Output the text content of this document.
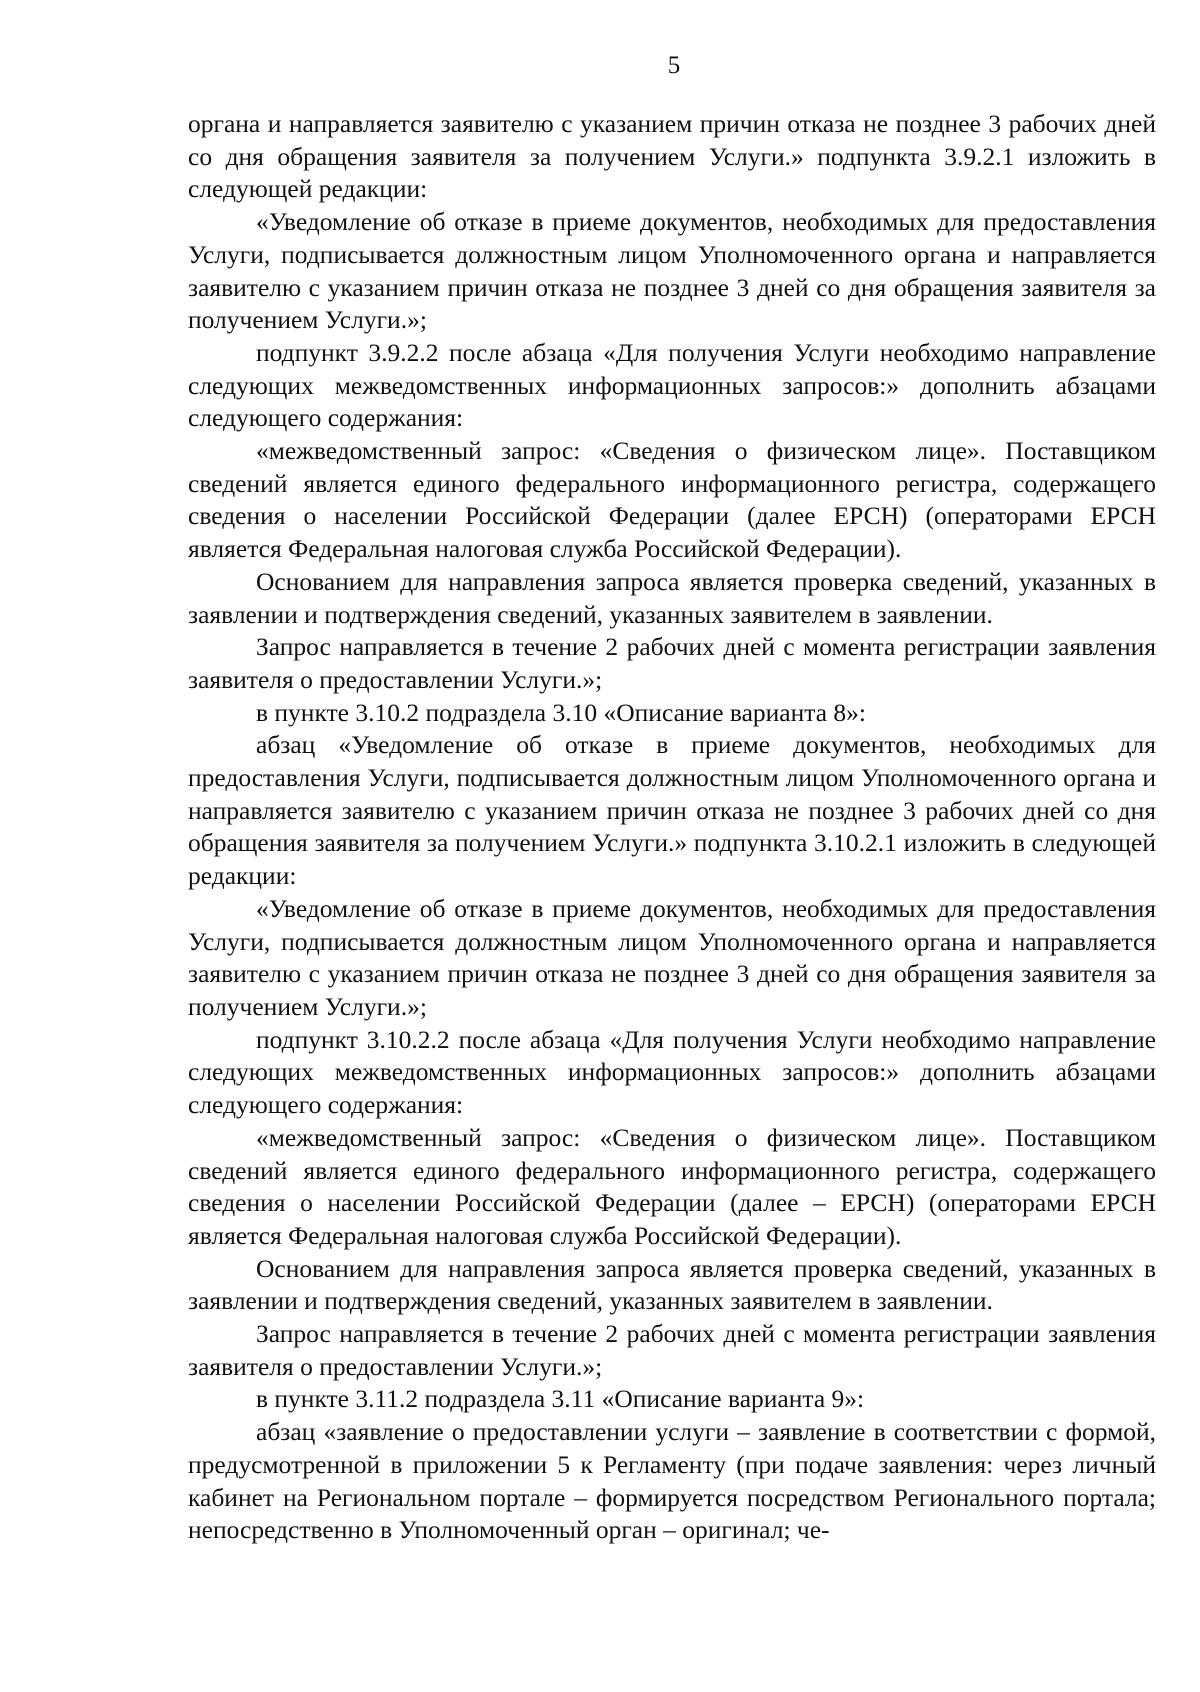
5

органа и направляется заявителю с указанием причин отказа не позднее 3 рабочих дней со дня обращения заявителя за получением Услуги.» подпункта 3.9.2.1 изложить в следующей редакции:

«Уведомление об отказе в приеме документов, необходимых для предоставления Услуги, подписывается должностным лицом Уполномоченного органа и направляется заявителю с указанием причин отказа не позднее 3 дней со дня обращения заявителя за получением Услуги.»;

подпункт 3.9.2.2 после абзаца «Для получения Услуги необходимо направление следующих межведомственных информационных запросов:» дополнить абзацами следующего содержания:

«межведомственный запрос: «Сведения о физическом лице». Поставщиком сведений является единого федерального информационного регистра, содержащего сведения о населении Российской Федерации (далее ЕРСН) (операторами ЕРСН является Федеральная налоговая служба Российской Федерации).

Основанием для направления запроса является проверка сведений, указанных в заявлении и подтверждения сведений, указанных заявителем в заявлении.

Запрос направляется в течение 2 рабочих дней с момента регистрации заявления заявителя о предоставлении Услуги.»;

в пункте 3.10.2 подраздела 3.10 «Описание варианта 8»:

абзац «Уведомление об отказе в приеме документов, необходимых для предоставления Услуги, подписывается должностным лицом Уполномоченного органа и направляется заявителю с указанием причин отказа не позднее 3 рабочих дней со дня обращения заявителя за получением Услуги.» подпункта 3.10.2.1 изложить в следующей редакции:

«Уведомление об отказе в приеме документов, необходимых для предоставления Услуги, подписывается должностным лицом Уполномоченного органа и направляется заявителю с указанием причин отказа не позднее 3 дней со дня обращения заявителя за получением Услуги.»;

подпункт 3.10.2.2 после абзаца «Для получения Услуги необходимо направление следующих межведомственных информационных запросов:» дополнить абзацами следующего содержания:

«межведомственный запрос: «Сведения о физическом лице». Поставщиком сведений является единого федерального информационного регистра, содержащего сведения о населении Российской Федерации (далее – ЕРСН) (операторами ЕРСН является Федеральная налоговая служба Российской Федерации).

Основанием для направления запроса является проверка сведений, указанных в заявлении и подтверждения сведений, указанных заявителем в заявлении.

Запрос направляется в течение 2 рабочих дней с момента регистрации заявления заявителя о предоставлении Услуги.»;

в пункте 3.11.2 подраздела 3.11 «Описание варианта 9»:

абзац «заявление о предоставлении услуги – заявление в соответствии с формой, предусмотренной в приложении 5 к Регламенту (при подаче заявления: через личный кабинет на Региональном портале – формируется посредством Регионального портала; непосредственно в Уполномоченный орган – оригинал; че-
